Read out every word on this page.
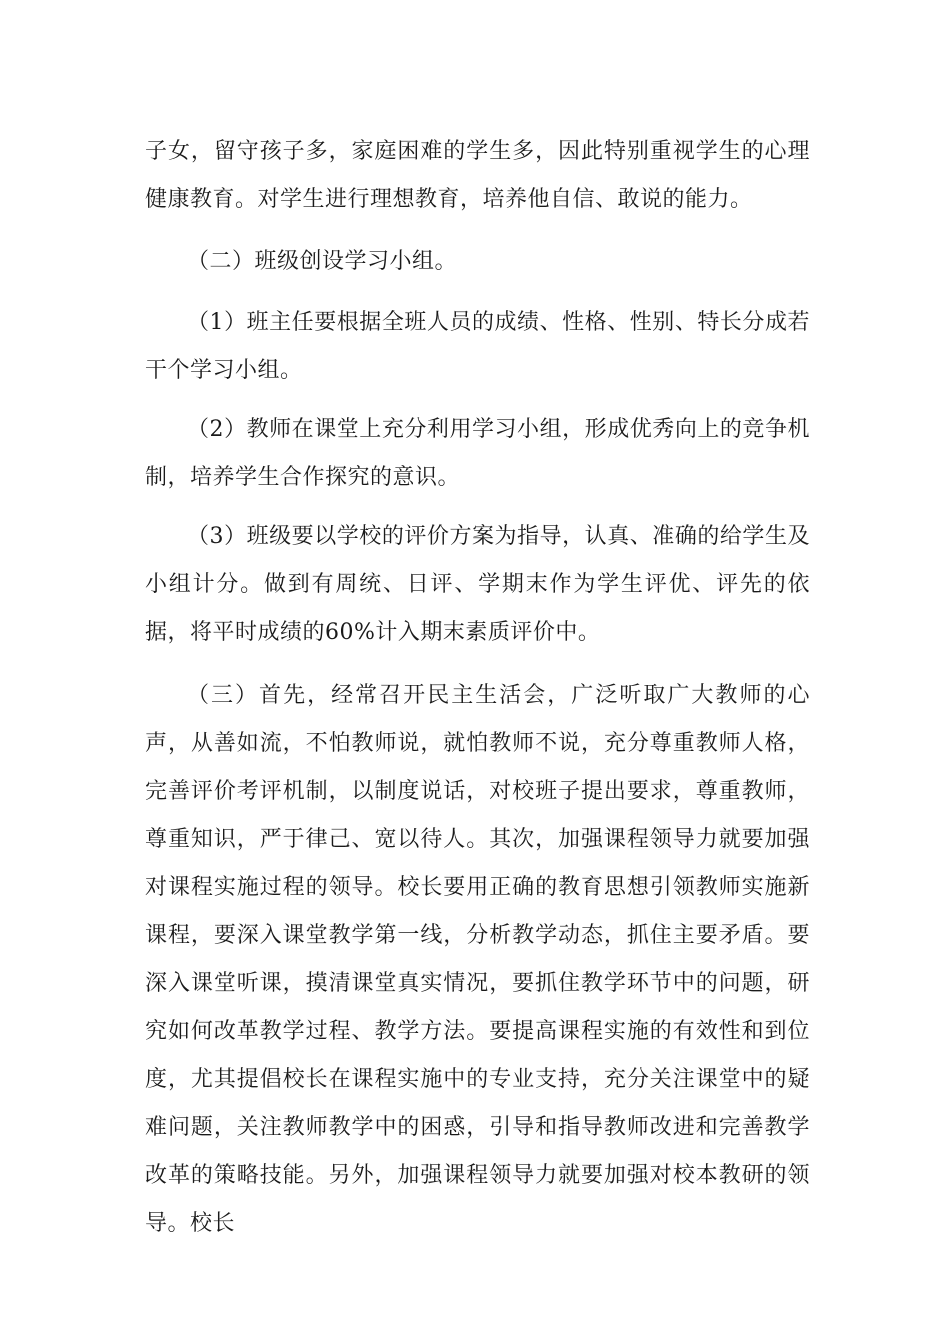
子女，留守孩子多，家庭困难的学生多，因此特别重视学生的心理健康教育。对学生进行理想教育，培养他自信、敢说的能力。

（二）班级创设学习小组。

（1）班主任要根据全班人员的成绩、性格、性别、特长分成若干个学习小组。

（2）教师在课堂上充分利用学习小组，形成优秀向上的竞争机制，培养学生合作探究的意识。

（3）班级要以学校的评价方案为指导，认真、准确的给学生及小组计分。做到有周统、日评、学期末作为学生评优、评先的依据，将平时成绩的60%计入期末素质评价中。

（三）首先，经常召开民主生活会，广泛听取广大教师的心声，从善如流，不怕教师说，就怕教师不说，充分尊重教师人格，完善评价考评机制，以制度说话，对校班子提出要求，尊重教师，尊重知识，严于律己、宽以待人。其次，加强课程领导力就要加强对课程实施过程的领导。校长要用正确的教育思想引领教师实施新课程，要深入课堂教学第一线，分析教学动态，抓住主要矛盾。要深入课堂听课，摸清课堂真实情况，要抓住教学环节中的问题，研究如何改革教学过程、教学方法。要提高课程实施的有效性和到位度，尤其提倡校长在课程实施中的专业支持，充分关注课堂中的疑难问题，关注教师教学中的困惑，引导和指导教师改进和完善教学改革的策略技能。另外，加强课程领导力就要加强对校本教研的领导。校长
